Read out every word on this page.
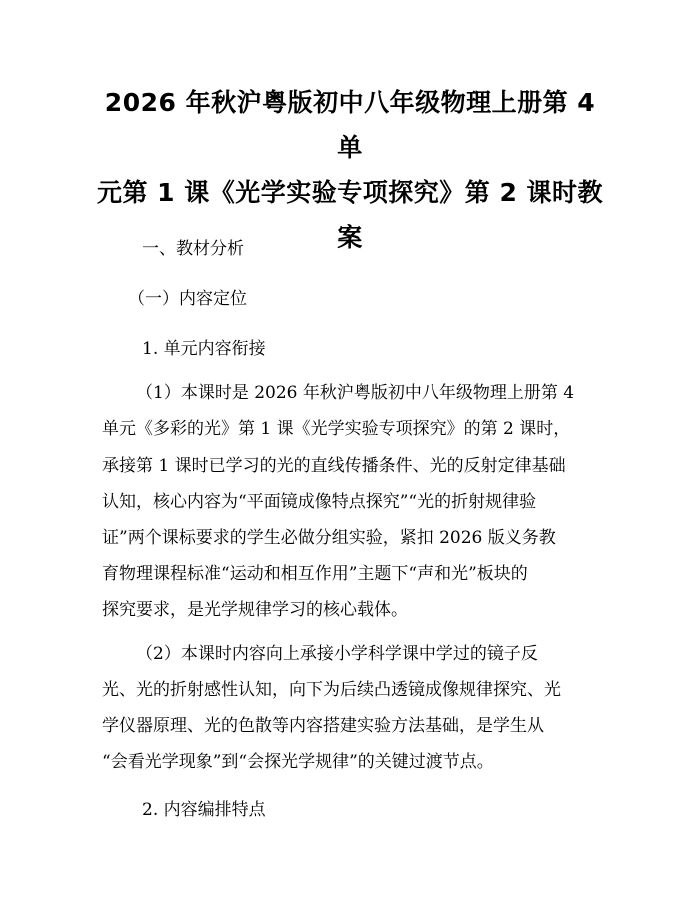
2026 年秋沪粤版初中八年级物理上册第 4 单
元第 1 课《光学实验专项探究》第 2 课时教
案
一、教材分析
（一）内容定位
1. 单元内容衔接
（1）本课时是 2026 年秋沪粤版初中八年级物理上册第 4
单元《多彩的光》第 1 课《光学实验专项探究》的第 2 课时，
承接第 1 课时已学习的光的直线传播条件、光的反射定律基础
认知，核心内容为“平面镜成像特点探究”“光的折射规律验
证”两个课标要求的学生必做分组实验，紧扣 2026 版义务教
育物理课程标准“运动和相互作用”主题下“声和光”板块的
探究要求，是光学规律学习的核心载体。
（2）本课时内容向上承接小学科学课中学过的镜子反
光、光的折射感性认知，向下为后续凸透镜成像规律探究、光
学仪器原理、光的色散等内容搭建实验方法基础，是学生从
“会看光学现象”到“会探光学规律”的关键过渡节点。
2. 内容编排特点
